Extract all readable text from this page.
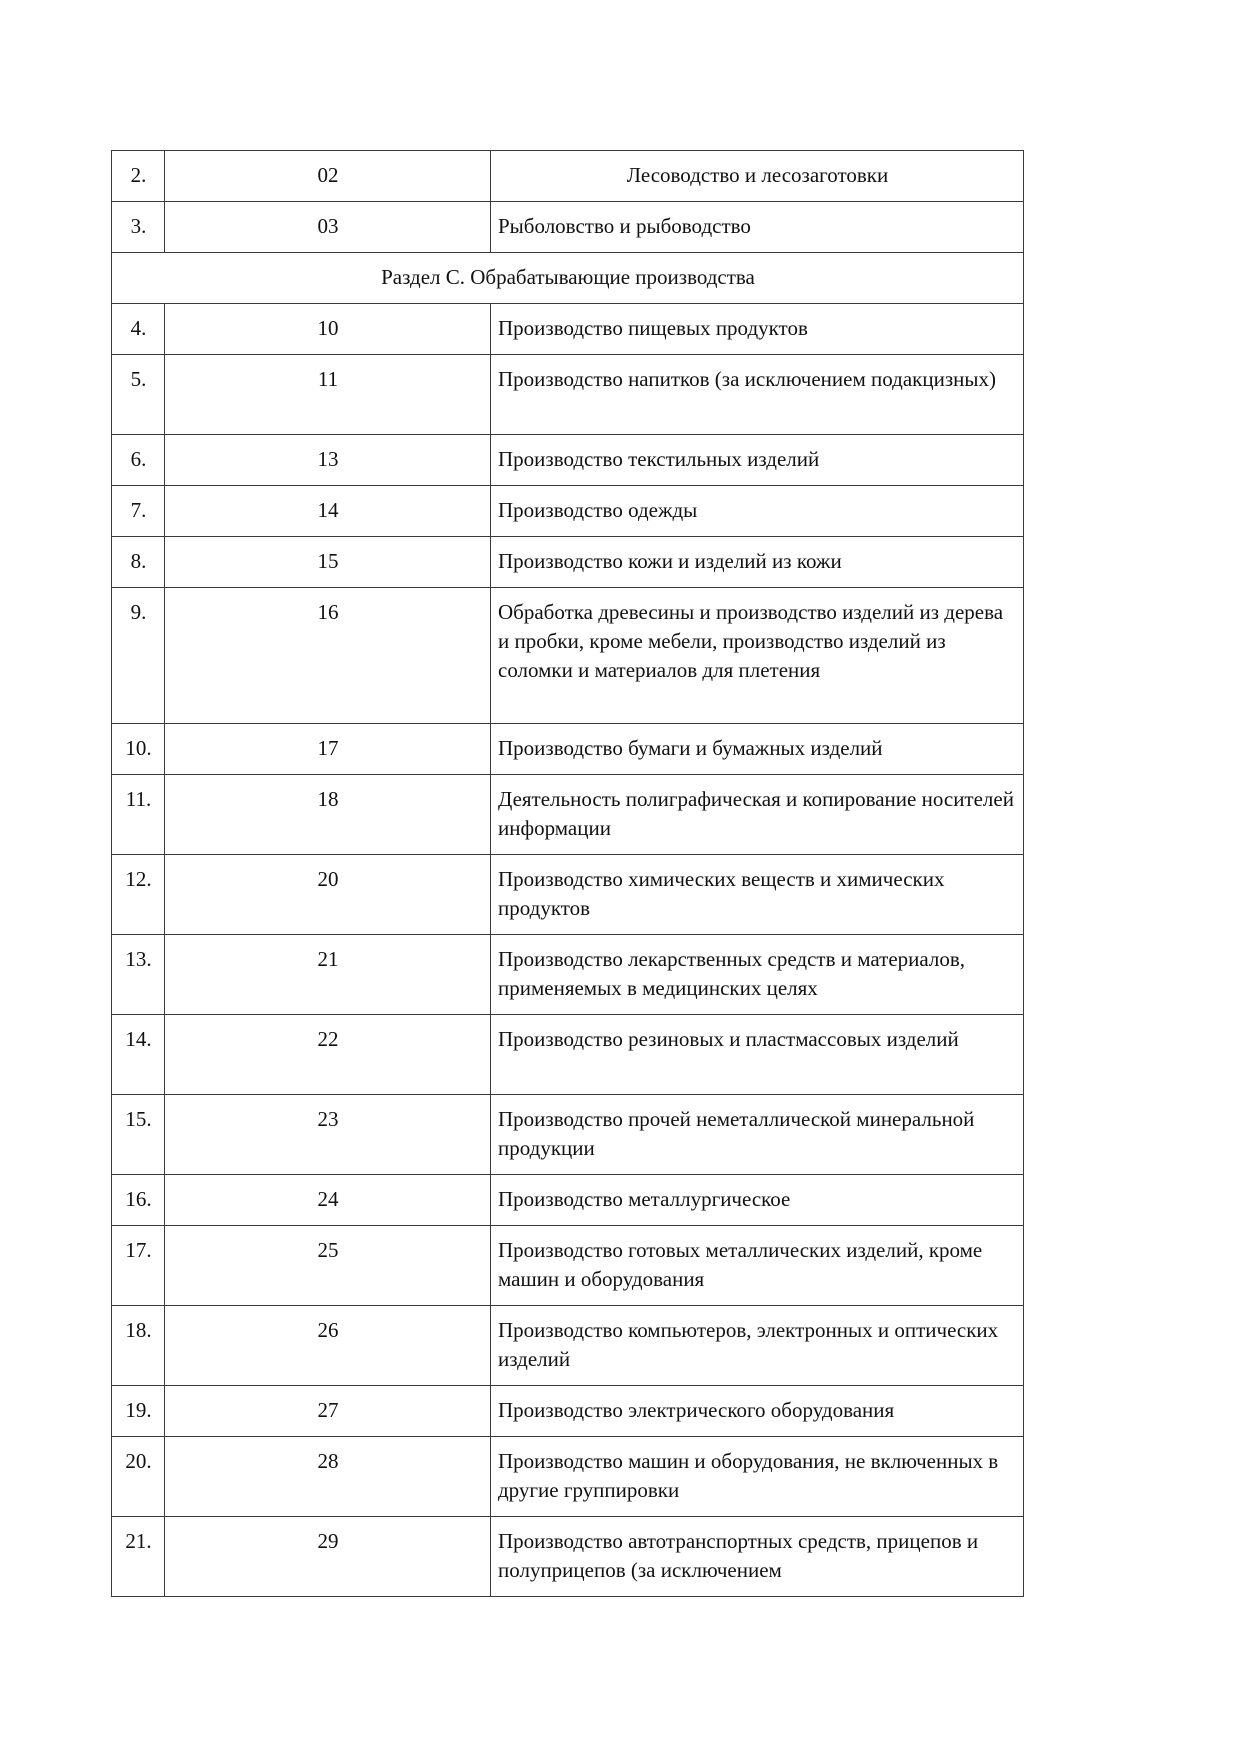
2.	02	Лесоводство и лесозаготовки
3.	03	Рыболовство и рыбоводство
Раздел C. Обрабатывающие производства		
4.	10	Производство пищевых продуктов
5.	11	Производство напитков (за исключением подакцизных)
6.	13	Производство текстильных изделий
7.	14	Производство одежды
8.	15	Производство кожи и изделий из кожи
9.	16	Обработка древесины и производство изделий из дерева и пробки, кроме мебели, производство изделий из соломки и материалов для плетения
10.	17	Производство бумаги и бумажных изделий
11.	18	Деятельность полиграфическая и копирование носителей информации
12.	20	Производство химических веществ и химических продуктов
13.	21	Производство лекарственных средств и материалов, применяемых в медицинских целях
14.	22	Производство резиновых и пластмассовых изделий
15.	23	Производство прочей неметаллической минеральной продукции
16.	24	Производство металлургическое
17.	25	Производство готовых металлических изделий, кроме машин и оборудования
18.	26	Производство компьютеров, электронных и оптических изделий
19.	27	Производство электрического оборудования
20.	28	Производство машин и оборудования, не включенных в другие группировки
21.	29	Производство автотранспортных средств, прицепов и полуприцепов (за исключением
